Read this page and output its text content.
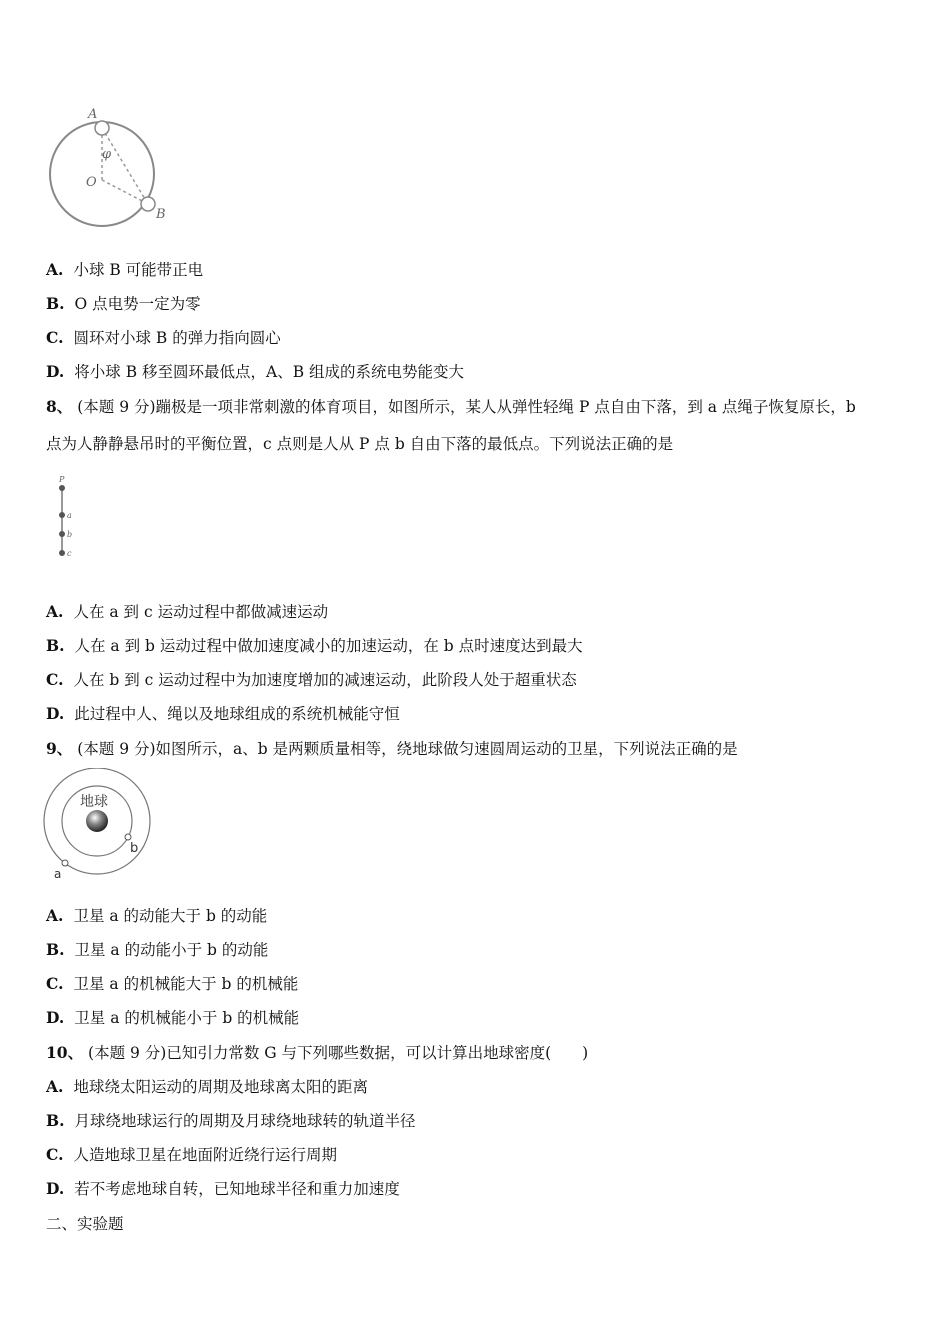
A
B
O
φ
A. 小球 B 可能带正电
B. O 点电势一定为零
C. 圆环对小球 B 的弹力指向圆心
D. 将小球 B 移至圆环最低点，A、B 组成的系统电势能变大
8、 (本题 9 分)蹦极是一项非常刺激的体育项目，如图所示，某人从弹性轻绳 P 点自由下落，到 a 点绳子恢复原长，b
点为人静静悬吊时的平衡位置，c 点则是人从 P 点 b 自由下落的最低点。下列说法正确的是
P
a
b
c
A. 人在 a 到 c 运动过程中都做减速运动
B. 人在 a 到 b 运动过程中做加速度减小的加速运动，在 b 点时速度达到最大
C. 人在 b 到 c 运动过程中为加速度增加的减速运动，此阶段人处于超重状态
D. 此过程中人、绳以及地球组成的系统机械能守恒
9、 (本题 9 分)如图所示，a、b 是两颗质量相等，绕地球做匀速圆周运动的卫星，下列说法正确的是
地球
a
b
A. 卫星 a 的动能大于 b 的动能
B. 卫星 a 的动能小于 b 的动能
C. 卫星 a 的机械能大于 b 的机械能
D. 卫星 a 的机械能小于 b 的机械能
10、 (本题 9 分)已知引力常数 G 与下列哪些数据，可以计算出地球密度(　　)
A. 地球绕太阳运动的周期及地球离太阳的距离
B. 月球绕地球运行的周期及月球绕地球转的轨道半径
C. 人造地球卫星在地面附近绕行运行周期
D. 若不考虑地球自转，已知地球半径和重力加速度
二、实验题
